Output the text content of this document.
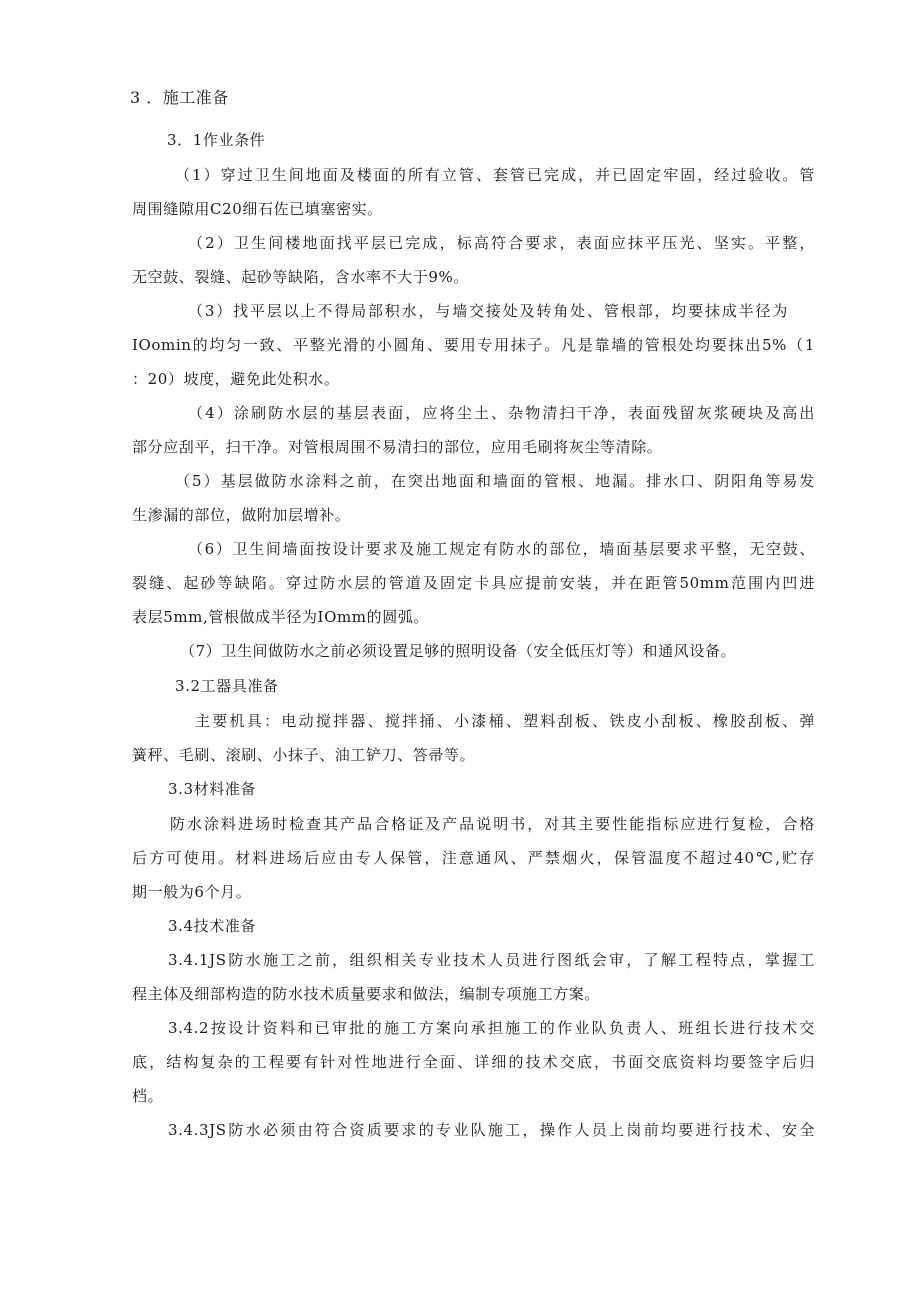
3 ．施工准备

3．1作业条件

（1）穿过卫生间地面及楼面的所有立管、套管已完成，并已固定牢固，经过验收。管

周围缝隙用C20细石佐已填塞密实。

（2）卫生间楼地面找平层已完成，标高符合要求，表面应抹平压光、坚实。平整，

无空鼓、裂缝、起砂等缺陷，含水率不大于9%。

（3）找平层以上不得局部积水，与墙交接处及转角处、管根部，均要抹成半径为

IOomin的均匀一致、平整光滑的小圆角、要用专用抹子。凡是靠墙的管根处均要抹出5%（1

：20）坡度，避免此处积水。

（4）涂刷防水层的基层表面，应将尘土、杂物清扫干净，表面残留灰浆硬块及高出

部分应刮平，扫干净。对管根周围不易清扫的部位，应用毛刷将灰尘等清除。

（5）基层做防水涂料之前，在突出地面和墙面的管根、地漏。排水口、阴阳角等易发

生渗漏的部位，做附加层增补。

（6）卫生间墙面按设计要求及施工规定有防水的部位，墙面基层要求平整，无空鼓、

裂缝、起砂等缺陷。穿过防水层的管道及固定卡具应提前安装，并在距管50mm范围内凹进

表层5mm,管根做成半径为IOmm的圆弧。

（7）卫生间做防水之前必须设置足够的照明设备（安全低压灯等）和通风设备。

3.2工器具准备

主要机具：电动搅拌器、搅拌捅、小漆桶、塑料刮板、铁皮小刮板、橡胶刮板、弹

簧秤、毛刷、滚刷、小抹子、油工铲刀、答帚等。

3.3材料准备

防水涂料进场时检查其产品合格证及产品说明书，对其主要性能指标应进行复检，合格

后方可使用。材料进场后应由专人保管，注意通风、严禁烟火，保管温度不超过40℃,贮存

期一般为6个月。

3.4技术准备

3.4.1JS防水施工之前，组织相关专业技术人员进行图纸会审，了解工程特点，掌握工

程主体及细部构造的防水技术质量要求和做法，编制专项施工方案。

3.4.2按设计资料和已审批的施工方案向承担施工的作业队负责人、班组长进行技术交

底，结构复杂的工程要有针对性地进行全面、详细的技术交底，书面交底资料均要签字后归

档。

3.4.3JS防水必须由符合资质要求的专业队施工，操作人员上岗前均要进行技术、安全
